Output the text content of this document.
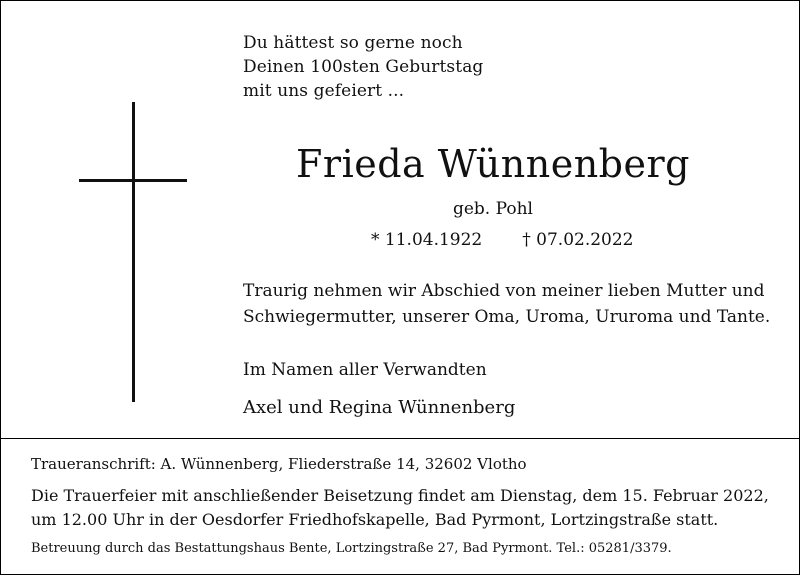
Du hättest so gerne noch
Deinen 100sten Geburtstag
mit uns gefeiert ...
Frieda Wünnenberg
geb. Pohl
* 11.04.1922 † 07.02.2022
Traurig nehmen wir Abschied von meiner lieben Mutter und
Schwiegermutter, unserer Oma, Uroma, Ururoma und Tante.
Im Namen aller Verwandten
Axel und Regina Wünnenberg
Traueranschrift: A. Wünnenberg, Fliederstraße 14, 32602 Vlotho
Die Trauerfeier mit anschließender Beisetzung findet am Dienstag, dem 15. Februar 2022,
um 12.00 Uhr in der Oesdorfer Friedhofskapelle, Bad Pyrmont, Lortzingstraße statt.
Betreuung durch das Bestattungshaus Bente, Lortzingstraße 27, Bad Pyrmont. Tel.: 05281/3379.
